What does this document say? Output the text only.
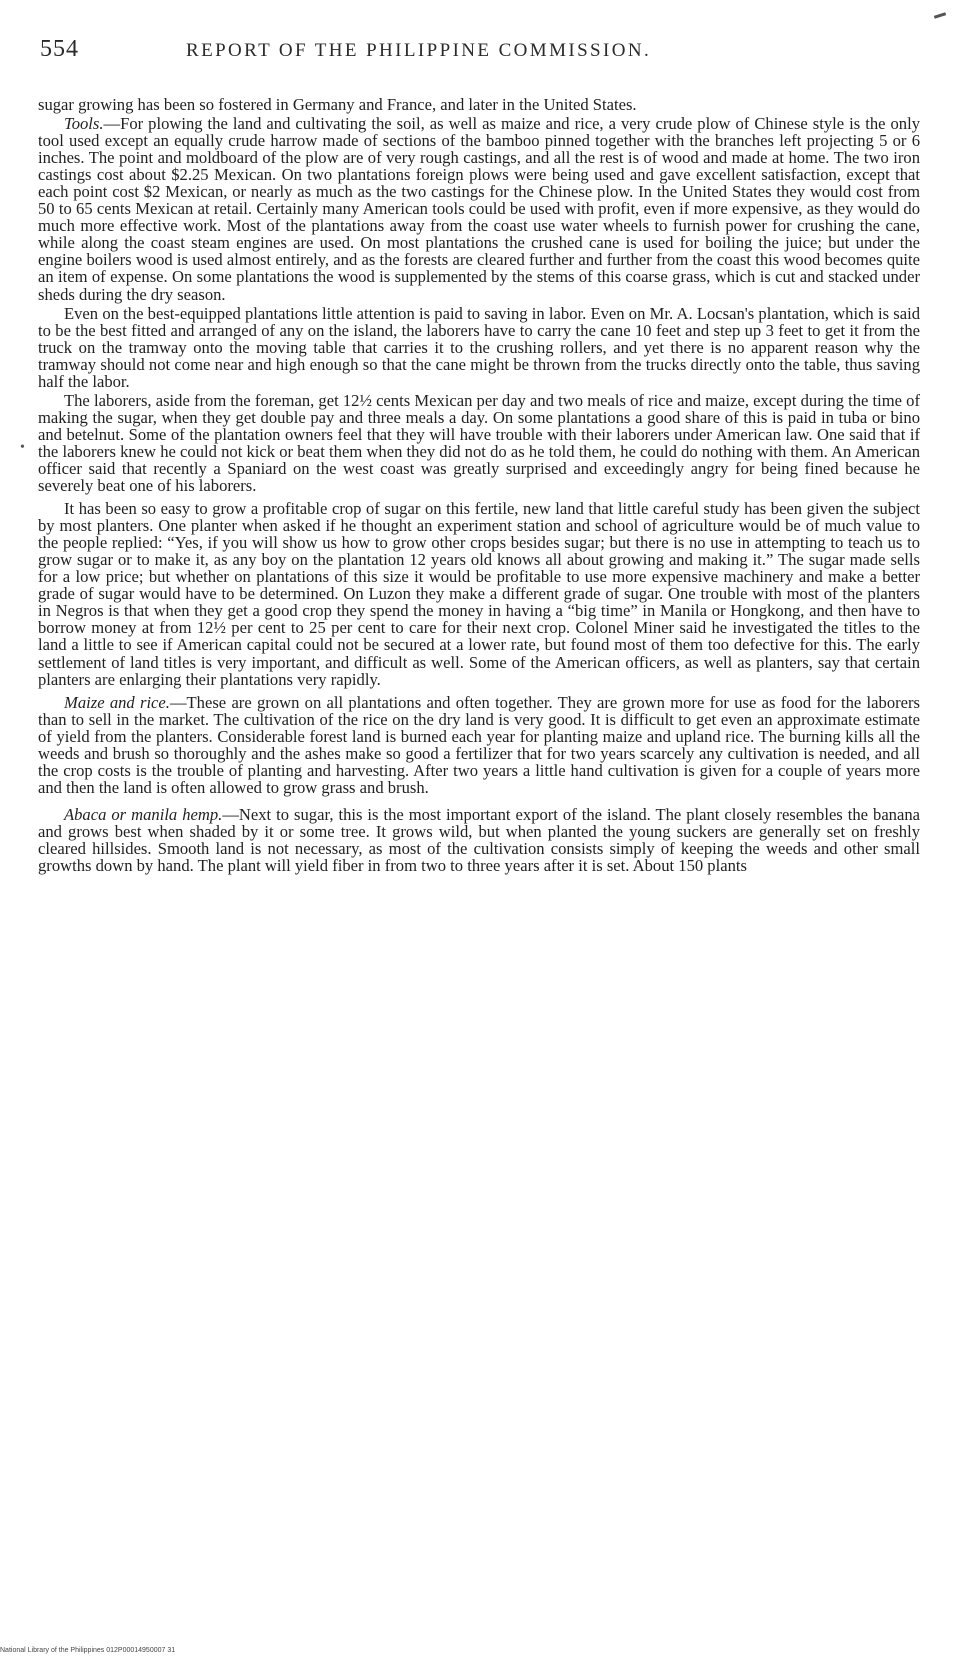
554	REPORT OF THE PHILIPPINE COMMISSION.
•

sugar growing has been so fostered in Germany and France, and later in the United States.

Tools.—For plowing the land and cultivating the soil, as well as maize and rice, a very crude plow of Chinese style is the only tool used except an equally crude harrow made of sections of the bamboo pinned together with the branches left projecting 5 or 6 inches. The point and moldboard of the plow are of very rough castings, and all the rest is of wood and made at home. The two iron castings cost about $2.25 Mexican. On two plantations foreign plows were being used and gave excellent satisfaction, except that each point cost $2 Mexican, or nearly as much as the two castings for the Chinese plow. In the United States they would cost from 50 to 65 cents Mexican at retail. Certainly many American tools could be used with profit, even if more expensive, as they would do much more effective work. Most of the plantations away from the coast use water wheels to furnish power for crushing the cane, while along the coast steam engines are used. On most plantations the crushed cane is used for boiling the juice; but under the engine boilers wood is used almost entirely, and as the forests are cleared further and further from the coast this wood becomes quite an item of expense. On some plantations the wood is supplemented by the stems of this coarse grass, which is cut and stacked under sheds during the dry season.

Even on the best-equipped plantations little attention is paid to saving in labor. Even on Mr. A. Locsan's plantation, which is said to be the best fitted and arranged of any on the island, the laborers have to carry the cane 10 feet and step up 3 feet to get it from the truck on the tramway onto the moving table that carries it to the crushing rollers, and yet there is no apparent reason why the tramway should not come near and high enough so that the cane might be thrown from the trucks directly onto the table, thus saving half the labor.

The laborers, aside from the foreman, get 12½ cents Mexican per day and two meals of rice and maize, except during the time of making the sugar, when they get double pay and three meals a day. On some plantations a good share of this is paid in tuba or bino and betelnut. Some of the plantation owners feel that they will have trouble with their laborers under American law. One said that if the laborers knew he could not kick or beat them when they did not do as he told them, he could do nothing with them. An American officer said that recently a Spaniard on the west coast was greatly surprised and exceedingly angry for being fined because he severely beat one of his laborers.

It has been so easy to grow a profitable crop of sugar on this fertile, new land that little careful study has been given the subject by most planters. One planter when asked if he thought an experiment station and school of agriculture would be of much value to the people replied: “Yes, if you will show us how to grow other crops besides sugar; but there is no use in attempting to teach us to grow sugar or to make it, as any boy on the plantation 12 years old knows all about growing and making it.” The sugar made sells for a low price; but whether on plantations of this size it would be profitable to use more expensive machinery and make a better grade of sugar would have to be determined. On Luzon they make a different grade of sugar. One trouble with most of the planters in Negros is that when they get a good crop they spend the money in having a “big time” in Manila or Hongkong, and then have to borrow money at from 12½ per cent to 25 per cent to care for their next crop. Colonel Miner said he investigated the titles to the land a little to see if American capital could not be secured at a lower rate, but found most of them too defective for this. The early settlement of land titles is very important, and difficult as well. Some of the American officers, as well as planters, say that certain planters are enlarging their plantations very rapidly.

Maize and rice.—These are grown on all plantations and often together. They are grown more for use as food for the laborers than to sell in the market. The cultivation of the rice on the dry land is very good. It is difficult to get even an approximate estimate of yield from the planters. Considerable forest land is burned each year for planting maize and upland rice. The burning kills all the weeds and brush so thoroughly and the ashes make so good a fertilizer that for two years scarcely any cultivation is needed, and all the crop costs is the trouble of planting and harvesting. After two years a little hand cultivation is given for a couple of years more and then the land is often allowed to grow grass and brush.

Abaca or manila hemp.—Next to sugar, this is the most important export of the island. The plant closely resembles the banana and grows best when shaded by it or some tree. It grows wild, but when planted the young suckers are generally set on freshly cleared hillsides. Smooth land is not necessary, as most of the cultivation consists simply of keeping the weeds and other small growths down by hand. The plant will yield fiber in from two to three years after it is set. About 150 plants

National Library of the Philippines 012P00014950007 31
